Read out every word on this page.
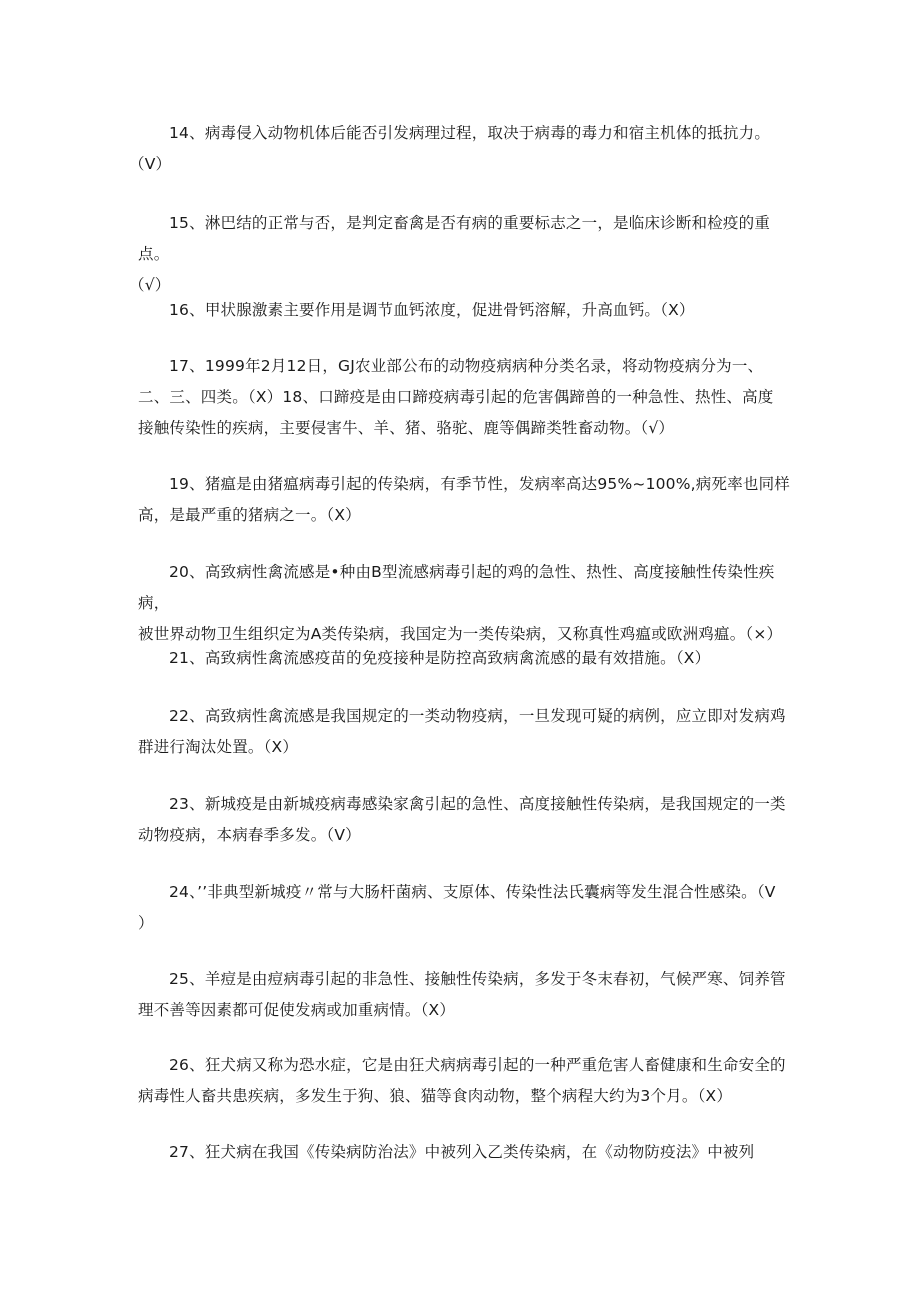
14、病毒侵入动物机体后能否引发病理过程，取决于病毒的毒力和宿主机体的抵抗力。
（V）
15、淋巴结的正常与否，是判定畜禽是否有病的重要标志之一，是临床诊断和检疫的重点。
（√）
16、甲状腺激素主要作用是调节血钙浓度，促进骨钙溶解，升高血钙。（X）
17、1999年2月12日，GJ农业部公布的动物疫病病种分类名录，将动物疫病分为一、
二、三、四类。（X）18、口蹄疫是由口蹄疫病毒引起的危害偶蹄兽的一种急性、热性、高度
接触传染性的疾病，主要侵害牛、羊、猪、骆驼、鹿等偶蹄类牲畜动物。（√）
19、猪瘟是由猪瘟病毒引起的传染病，有季节性，发病率高达95%~100%,病死率也同样
高，是最严重的猪病之一。（X）
20、高致病性禽流感是•种由B型流感病毒引起的鸡的急性、热性、高度接触性传染性疾病，
被世界动物卫生组织定为A类传染病，我国定为一类传染病，又称真性鸡瘟或欧洲鸡瘟。（×）
21、高致病性禽流感疫苗的免疫接种是防控高致病禽流感的最有效措施。（X）
22、高致病性禽流感是我国规定的一类动物疫病，一旦发现可疑的病例，应立即对发病鸡
群进行淘汰处置。（X）
23、新城疫是由新城疫病毒感染家禽引起的急性、高度接触性传染病，是我国规定的一类
动物疫病，本病春季多发。（V）
24、’’非典型新城疫〃常与大肠杆菌病、支原体、传染性法氏囊病等发生混合性感染。（V
）
25、羊痘是由痘病毒引起的非急性、接触性传染病，多发于冬末春初，气候严寒、饲养管
理不善等因素都可促使发病或加重病情。（X）
26、狂犬病又称为恐水症，它是由狂犬病病毒引起的一种严重危害人畜健康和生命安全的
病毒性人畜共患疾病，多发生于狗、狼、猫等食肉动物，整个病程大约为3个月。（X）
27、狂犬病在我国《传染病防治法》中被列入乙类传染病，在《动物防疫法》中被列
